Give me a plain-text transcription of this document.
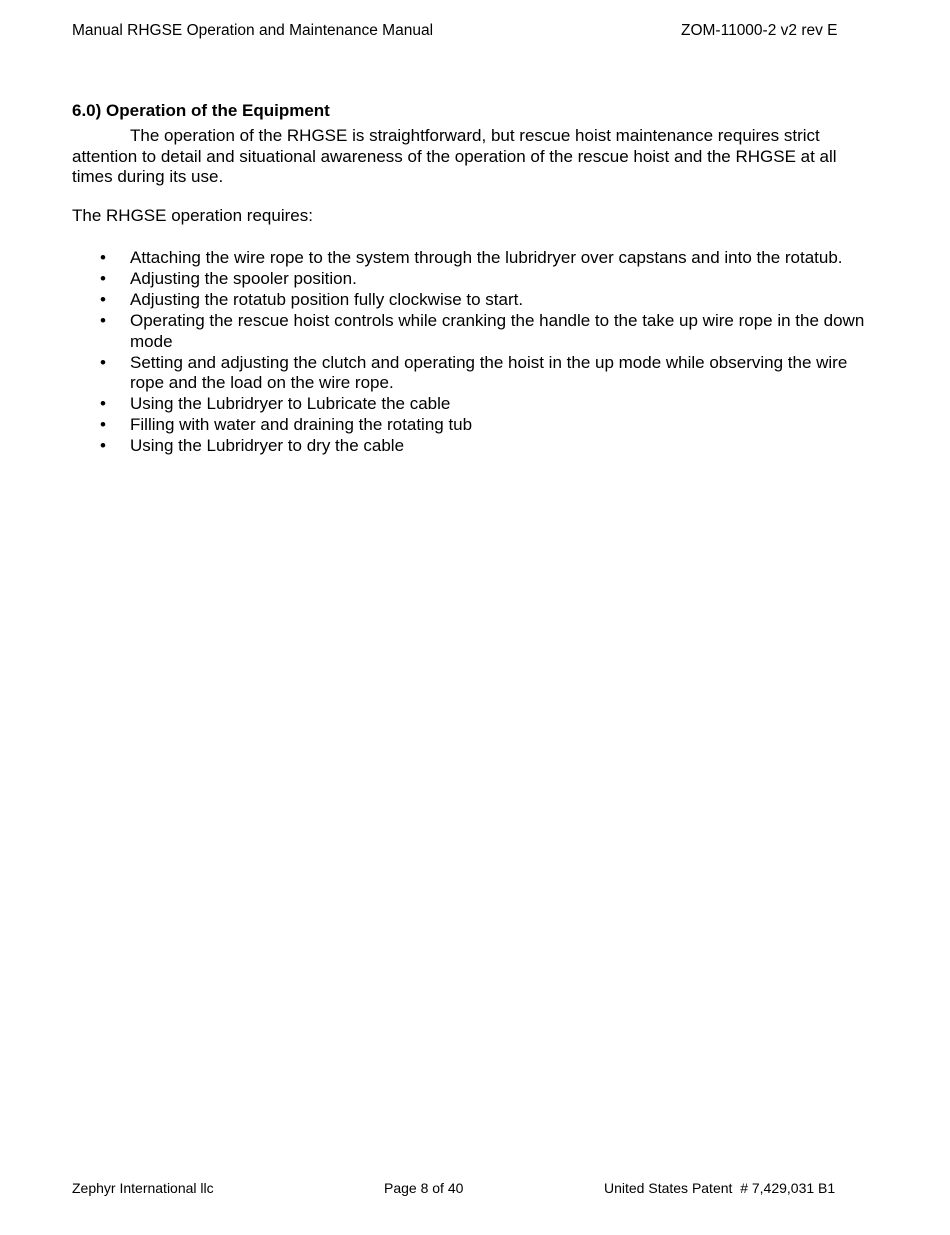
Manual RHGSE Operation and Maintenance Manual	ZOM-11000-2 v2 rev E
6.0) Operation of the Equipment

The operation of the RHGSE is straightforward, but rescue hoist maintenance requires strict attention to detail and situational awareness of the operation of the rescue hoist and the RHGSE at all times during its use.

The RHGSE operation requires:

• Attaching the wire rope to the system through the lubridryer over capstans and into the rotatub.
• Adjusting the spooler position.
• Adjusting the rotatub position fully clockwise to start.
• Operating the rescue hoist controls while cranking the handle to the take up wire rope in the down mode
• Setting and adjusting the clutch and operating the hoist in the up mode while observing the wire rope and the load on the wire rope.
• Using the Lubridryer to Lubricate the cable
• Filling with water and draining the rotating tub
• Using the Lubridryer to dry the cable
Zephyr International llc	Page 8 of 40	United States Patent  # 7,429,031 B1
